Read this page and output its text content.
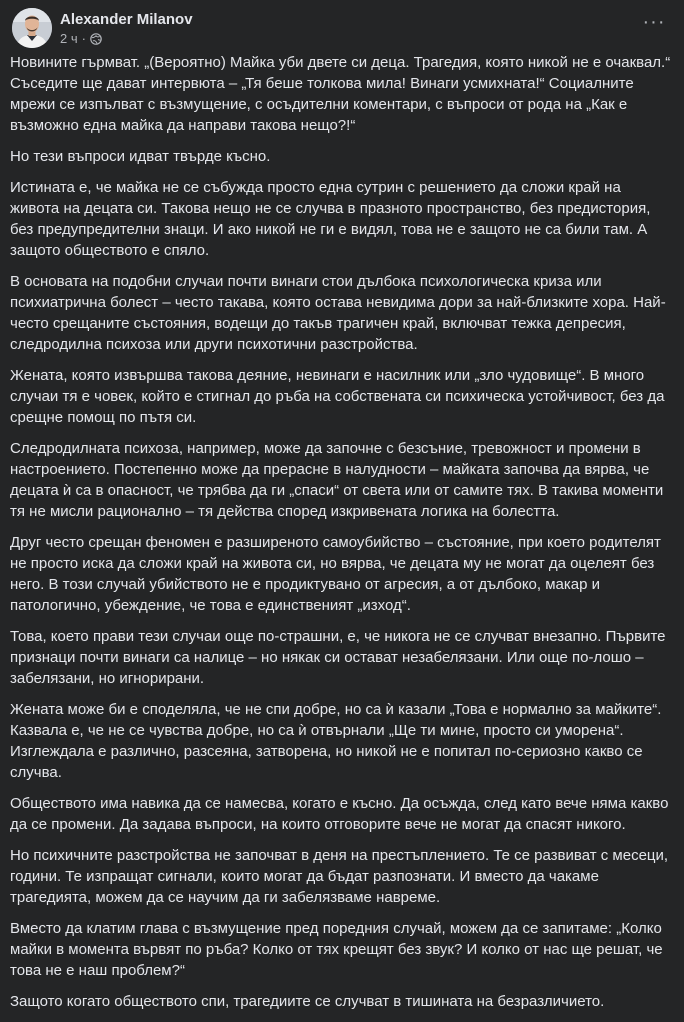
Alexander Milanov
2 ч ·
···

Новините гърмват. „(Вероятно) Майка уби двете си деца. Трагедия, която никой не е очаквал.“ Съседите ще дават интервюта – „Тя беше толкова мила! Винаги усмихната!“ Социалните мрежи се изпълват с възмущение, с осъдителни коментари, с въпроси от рода на „Как е възможно една майка да направи такова нещо?!“

Но тези въпроси идват твърде късно.

Истината е, че майка не се събужда просто една сутрин с решението да сложи край на живота на децата си. Такова нещо не се случва в празното пространство, без предистория, без предупредителни знаци. И ако никой не ги е видял, това не е защото не са били там. А защото обществото е спяло.

В основата на подобни случаи почти винаги стои дълбока психологическа криза или психиатрична болест – често такава, която остава невидима дори за най-близките хора. Най-често срещаните състояния, водещи до такъв трагичен край, включват тежка депресия, следродилна психоза или други психотични разстройства.

Жената, която извършва такова деяние, невинаги е насилник или „зло чудовище“. В много случаи тя е човек, който е стигнал до ръба на собствената си психическа устойчивост, без да срещне помощ по пътя си.

Следродилната психоза, например, може да започне с безсъние, тревожност и промени в настроението. Постепенно може да прерасне в налудности – майката започва да вярва, че децата ѝ са в опасност, че трябва да ги „спаси“ от света или от самите тях. В такива моменти тя не мисли рационално – тя действа според изкривената логика на болестта.

Друг често срещан феномен е разширеното самоубийство – състояние, при което родителят не просто иска да сложи край на живота си, но вярва, че децата му не могат да оцелеят без него. В този случай убийството не е продиктувано от агресия, а от дълбоко, макар и патологично, убеждение, че това е единственият „изход“.

Това, което прави тези случаи още по-страшни, е, че никога не се случват внезапно. Първите признаци почти винаги са налице – но някак си остават незабелязани. Или още по-лошо – забелязани, но игнорирани.

Жената може би е споделяла, че не спи добре, но са ѝ казали „Това е нормално за майките“. Казвала е, че не се чувства добре, но са ѝ отвърнали „Ще ти мине, просто си уморена“. Изглеждала е различно, разсеяна, затворена, но никой не е попитал по-сериозно какво се случва.

Обществото има навика да се намесва, когато е късно. Да осъжда, след като вече няма какво да се промени. Да задава въпроси, на които отговорите вече не могат да спасят никого.

Но психичните разстройства не започват в деня на престъплението. Те се развиват с месеци, години. Те изпращат сигнали, които могат да бъдат разпознати. И вместо да чакаме трагедията, можем да се научим да ги забелязваме навреме.

Вместо да клатим глава с възмущение пред поредния случай, можем да се запитаме: „Колко майки в момента вървят по ръба? Колко от тях крещят без звук? И колко от нас ще решат, че това не е наш проблем?“

Защото когато обществото спи, трагедиите се случват в тишината на безразличието.
